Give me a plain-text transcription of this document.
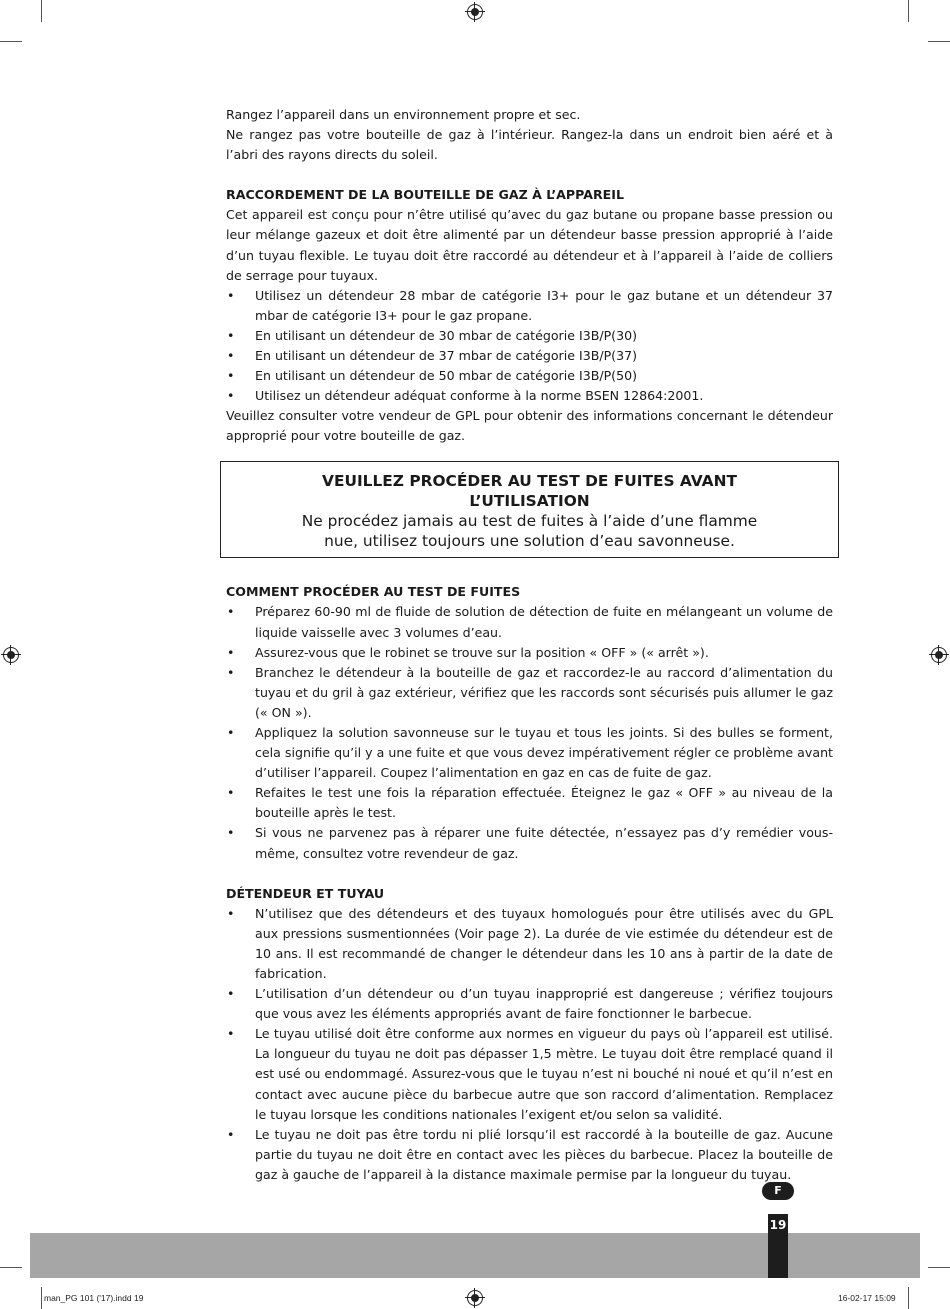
Rangez l’appareil dans un environnement propre et sec.

Ne rangez pas votre bouteille de gaz à l’intérieur. Rangez-la dans un endroit bien aéré et à l’abri des rayons directs du soleil.

RACCORDEMENT DE LA BOUTEILLE DE GAZ À L’APPAREIL

Cet appareil est conçu pour n’être utilisé qu’avec du gaz butane ou propane basse pression ou leur mélange gazeux et doit être alimenté par un détendeur basse pression approprié à l’aide d’un tuyau flexible. Le tuyau doit être raccordé au détendeur et à l’appareil à l’aide de colliers de serrage pour tuyaux.

• Utilisez un détendeur 28 mbar de catégorie I3+ pour le gaz butane et un détendeur 37 mbar de catégorie I3+ pour le gaz propane.
• En utilisant un détendeur de 30 mbar de catégorie I3B/P(30)
• En utilisant un détendeur de 37 mbar de catégorie I3B/P(37)
• En utilisant un détendeur de 50 mbar de catégorie I3B/P(50)
• Utilisez un détendeur adéquat conforme à la norme BSEN 12864:2001.

Veuillez consulter votre vendeur de GPL pour obtenir des informations concernant le détendeur approprié pour votre bouteille de gaz.

VEUILLEZ PROCÉDER AU TEST DE FUITES AVANT

L’UTILISATION

Ne procédez jamais au test de fuites à l’aide d’une flamme

nue, utilisez toujours une solution d’eau savonneuse.

COMMENT PROCÉDER AU TEST DE FUITES

• Préparez 60-90 ml de fluide de solution de détection de fuite en mélangeant un volume de liquide vaisselle avec 3 volumes d’eau.
• Assurez-vous que le robinet se trouve sur la position « OFF » (« arrêt »).
• Branchez le détendeur à la bouteille de gaz et raccordez-le au raccord d’alimentation du tuyau et du gril à gaz extérieur, vérifiez que les raccords sont sécurisés puis allumer le gaz (« ON »).
• Appliquez la solution savonneuse sur le tuyau et tous les joints. Si des bulles se forment, cela signifie qu’il y a une fuite et que vous devez impérativement régler ce problème avant d’utiliser l’appareil. Coupez l’alimentation en gaz en cas de fuite de gaz.
• Refaites le test une fois la réparation effectuée. Éteignez le gaz « OFF » au niveau de la bouteille après le test.
• Si vous ne parvenez pas à réparer une fuite détectée, n’essayez pas d’y remédier vous-même, consultez votre revendeur de gaz.

DÉTENDEUR ET TUYAU

• N’utilisez que des détendeurs et des tuyaux homologués pour être utilisés avec du GPL aux pressions susmentionnées (Voir page 2). La durée de vie estimée du détendeur est de 10 ans. Il est recommandé de changer le détendeur dans les 10 ans à partir de la date de fabrication.
• L’utilisation d’un détendeur ou d’un tuyau inapproprié est dangereuse ; vérifiez toujours que vous avez les éléments appropriés avant de faire fonctionner le barbecue.
• Le tuyau utilisé doit être conforme aux normes en vigueur du pays où l’appareil est utilisé. La longueur du tuyau ne doit pas dépasser 1,5 mètre. Le tuyau doit être remplacé quand il est usé ou endommagé. Assurez-vous que le tuyau n’est ni bouché ni noué et qu’il n’est en contact avec aucune pièce du barbecue autre que son raccord d’alimentation. Remplacez le tuyau lorsque les conditions nationales l’exigent et/ou selon sa validité.
• Le tuyau ne doit pas être tordu ni plié lorsqu’il est raccordé à la bouteille de gaz. Aucune partie du tuyau ne doit être en contact avec les pièces du barbecue. Placez la bouteille de gaz à gauche de l’appareil à la distance maximale permise par la longueur du tuyau.
19
F
man_PG 101 ('17).indd 19	16-02-17 15:09
